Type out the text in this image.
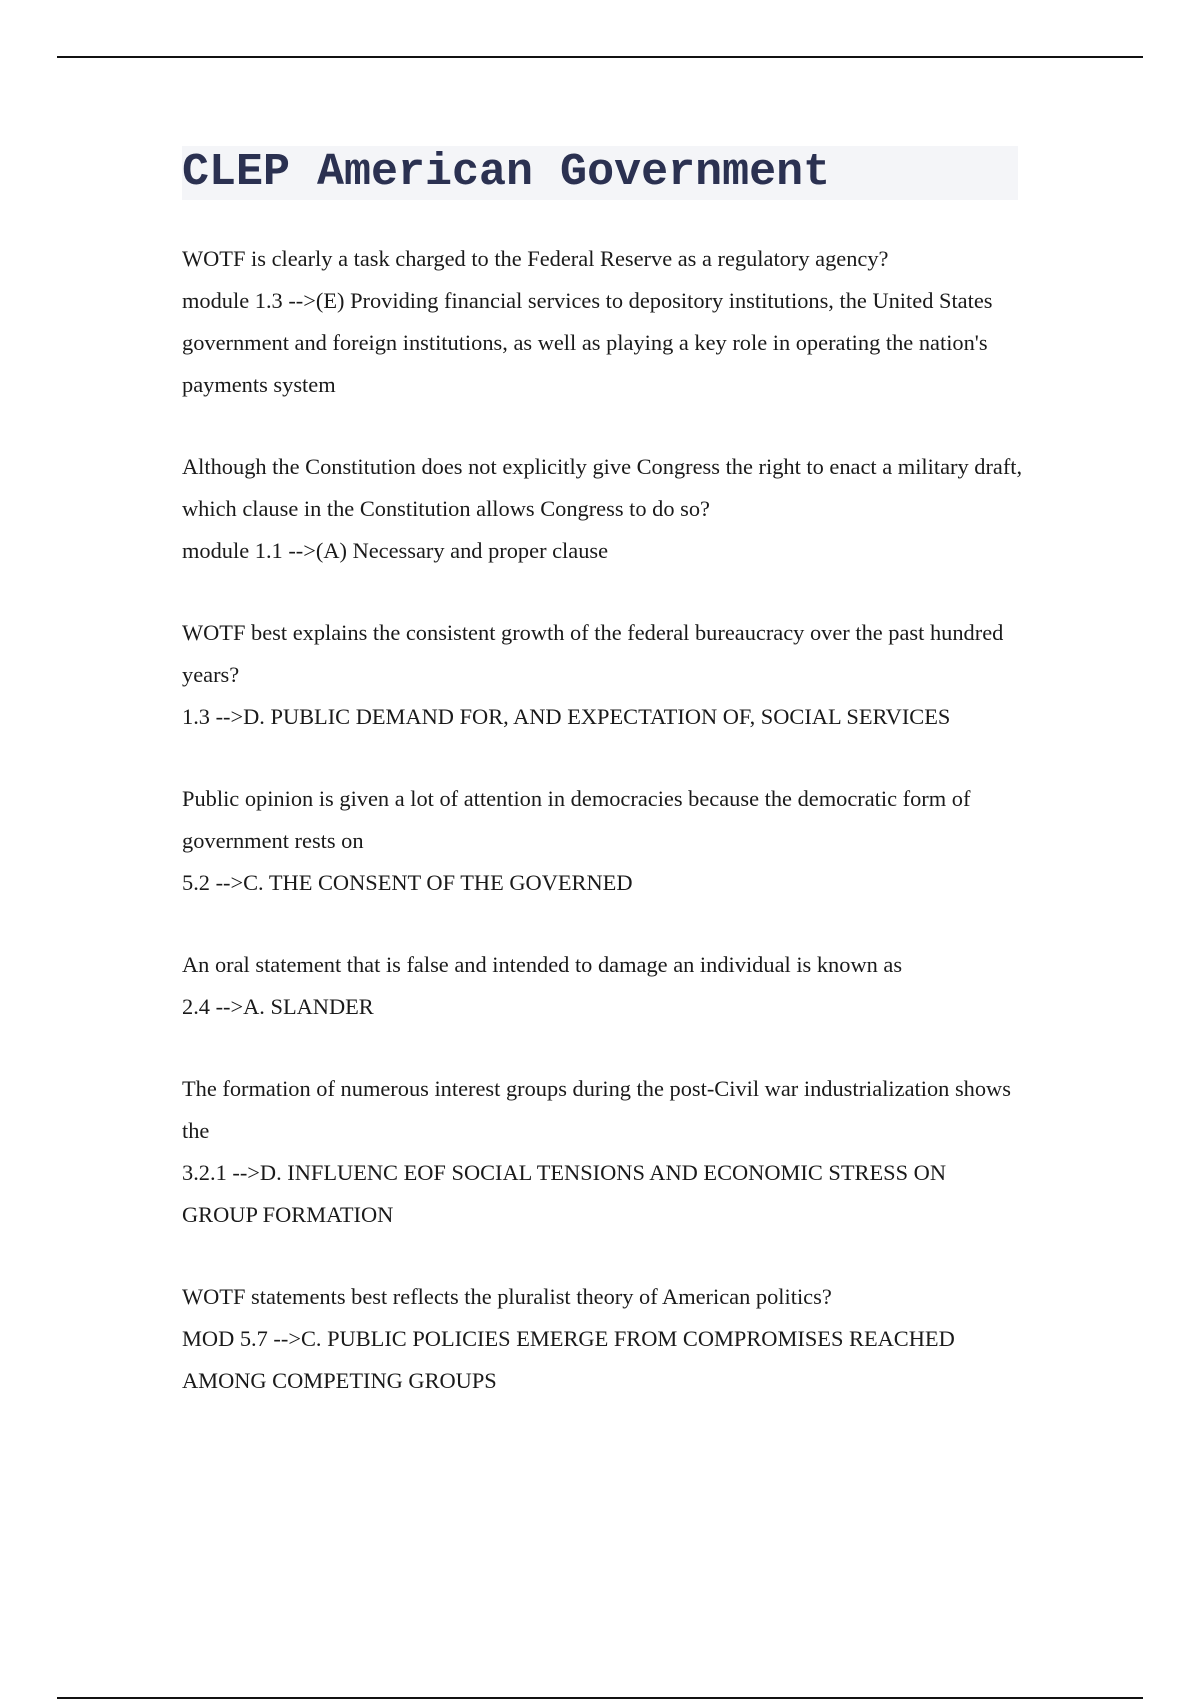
CLEP American Government

WOTF is clearly a task charged to the Federal Reserve as a regulatory agency?

module 1.3 -->(E) Providing financial services to depository institutions, the United States government and foreign institutions, as well as playing a key role in operating the nation's payments system

Although the Constitution does not explicitly give Congress the right to enact a military draft, which clause in the Constitution allows Congress to do so?

module 1.1 -->(A) Necessary and proper clause

WOTF best explains the consistent growth of the federal bureaucracy over the past hundred years?

1.3 -->D. PUBLIC DEMAND FOR, AND EXPECTATION OF, SOCIAL SERVICES

Public opinion is given a lot of attention in democracies because the democratic form of government rests on

5.2 -->C. THE CONSENT OF THE GOVERNED

An oral statement that is false and intended to damage an individual is known as

2.4 -->A. SLANDER

The formation of numerous interest groups during the post-Civil war industrialization shows the

3.2.1 -->D. INFLUENC EOF SOCIAL TENSIONS AND ECONOMIC STRESS ON GROUP FORMATION

WOTF statements best reflects the pluralist theory of American politics?

MOD 5.7 -->C. PUBLIC POLICIES EMERGE FROM COMPROMISES REACHED AMONG COMPETING GROUPS
